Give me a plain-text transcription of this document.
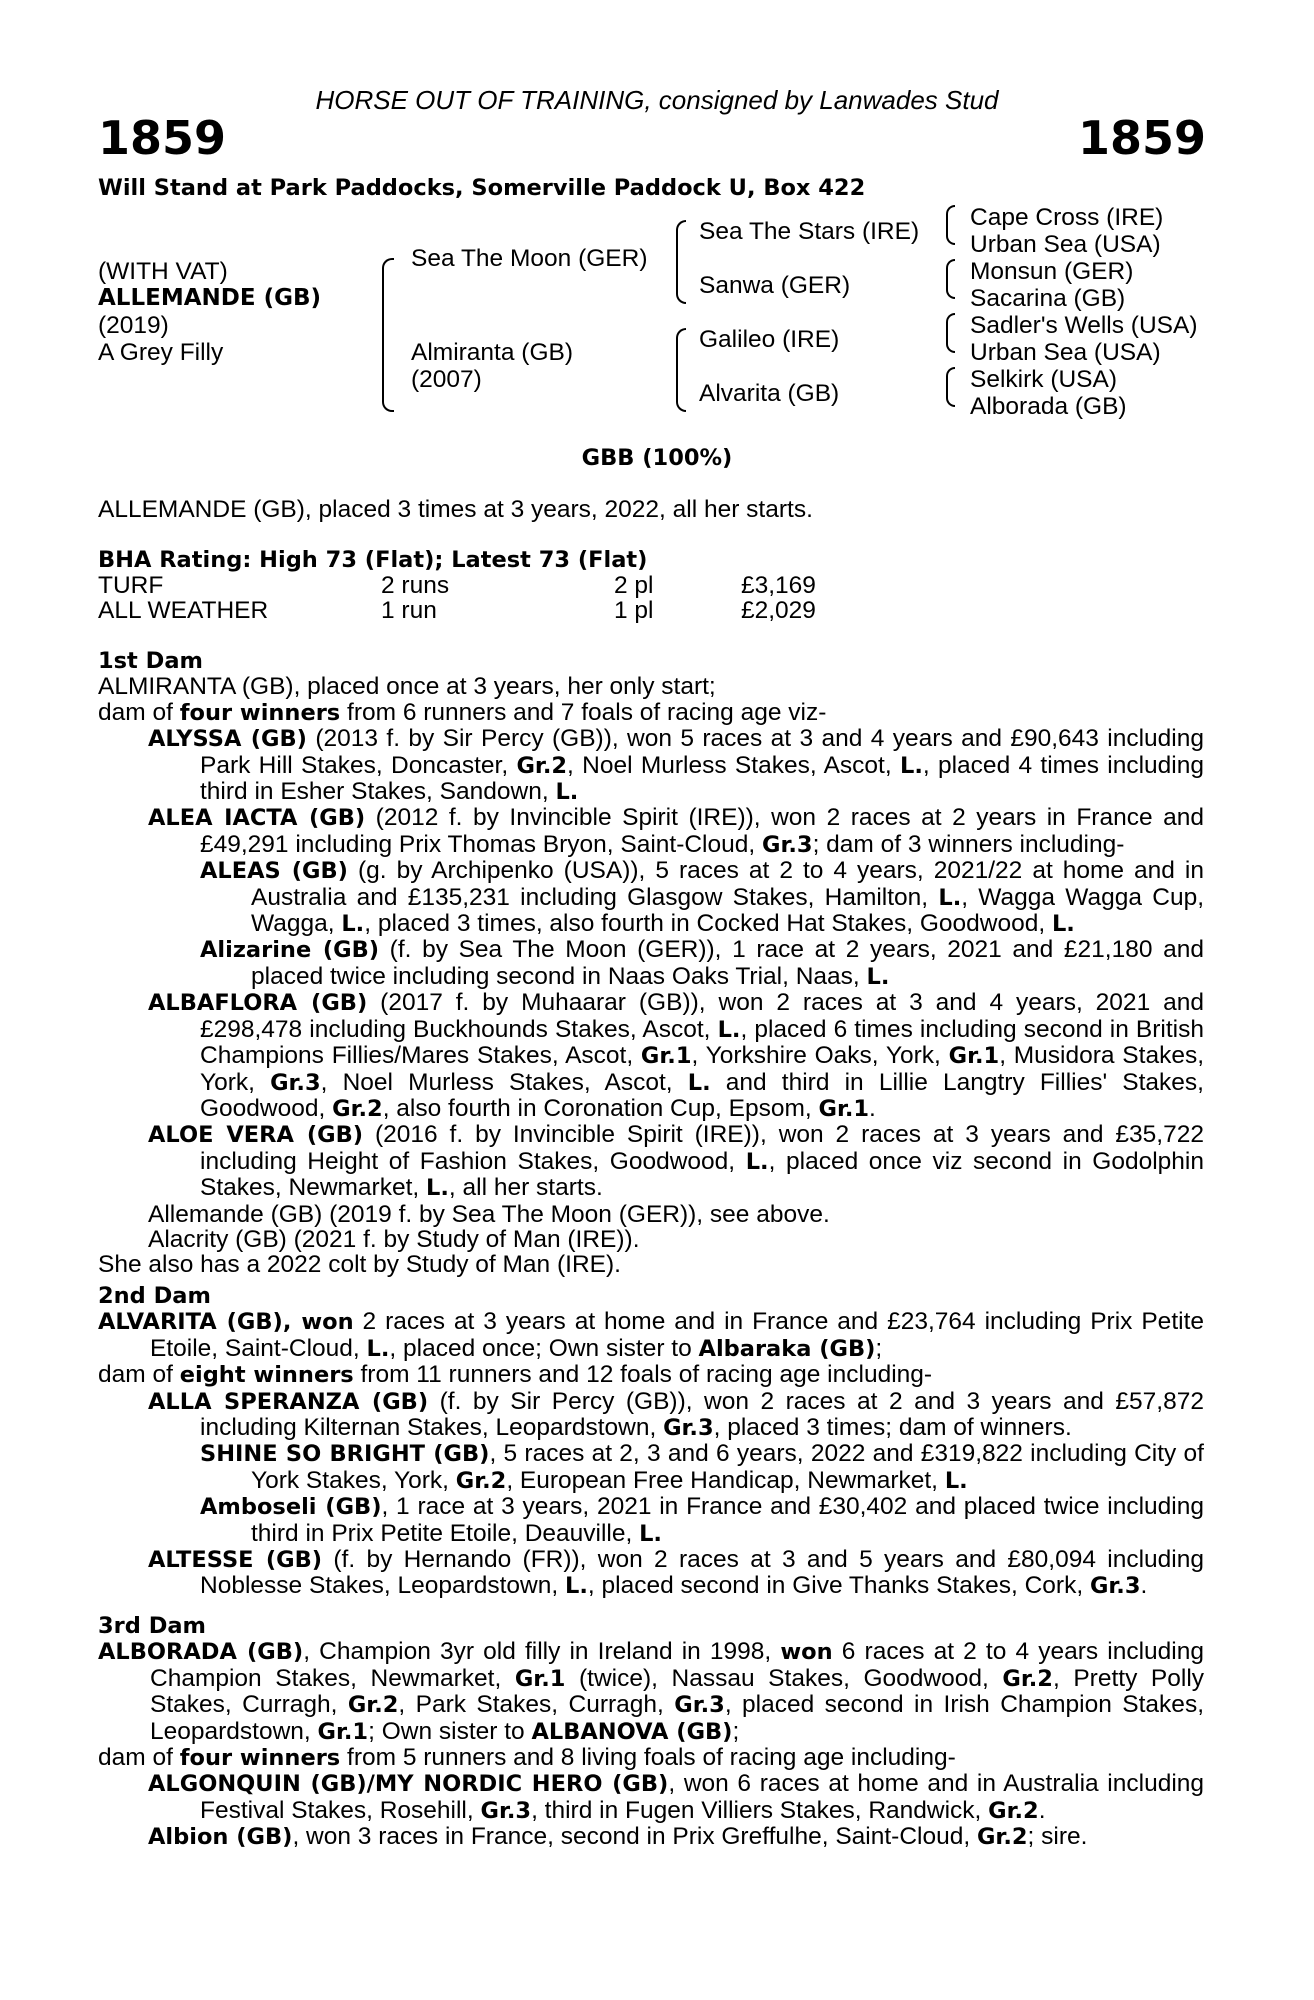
HORSE OUT OF TRAINING, consigned by Lanwades Stud
1859	1859
Will Stand at Park Paddocks, Somerville Paddock U, Box 422
(WITH VAT)
ALLEMANDE (GB)
(2019)
A Grey Filly
Sea The Moon (GER)
Almiranta (GB)
(2007)
Sea The Stars (IRE)
Sanwa (GER)
Galileo (IRE)
Alvarita (GB)
Cape Cross (IRE)
Urban Sea (USA)
Monsun (GER)
Sacarina (GB)
Sadler's Wells (USA)
Urban Sea (USA)
Selkirk (USA)
Alborada (GB)
GBB (100%)
ALLEMANDE (GB), placed 3 times at 3 years, 2022, all her starts.
BHA Rating: High 73 (Flat); Latest 73 (Flat)
TURF	2 runs	2 pl	£3,169
ALL WEATHER	1 run	1 pl	£2,029
1st Dam
ALMIRANTA (GB), placed once at 3 years, her only start;
dam of four winners from 6 runners and 7 foals of racing age viz-
ALYSSA (GB) (2013 f. by Sir Percy (GB)), won 5 races at 3 and 4 years and £90,643 including Park Hill Stakes, Doncaster, Gr.2, Noel Murless Stakes, Ascot, L., placed 4 times including third in Esher Stakes, Sandown, L.
ALEA IACTA (GB) (2012 f. by Invincible Spirit (IRE)), won 2 races at 2 years in France and £49,291 including Prix Thomas Bryon, Saint-Cloud, Gr.3; dam of 3 winners including-
ALEAS (GB) (g. by Archipenko (USA)), 5 races at 2 to 4 years, 2021/22 at home and in Australia and £135,231 including Glasgow Stakes, Hamilton, L., Wagga Wagga Cup, Wagga, L., placed 3 times, also fourth in Cocked Hat Stakes, Goodwood, L.
Alizarine (GB) (f. by Sea The Moon (GER)), 1 race at 2 years, 2021 and £21,180 and placed twice including second in Naas Oaks Trial, Naas, L.
ALBAFLORA (GB) (2017 f. by Muhaarar (GB)), won 2 races at 3 and 4 years, 2021 and £298,478 including Buckhounds Stakes, Ascot, L., placed 6 times including second in British Champions Fillies/Mares Stakes, Ascot, Gr.1, Yorkshire Oaks, York, Gr.1, Musidora Stakes, York, Gr.3, Noel Murless Stakes, Ascot, L. and third in Lillie Langtry Fillies' Stakes, Goodwood, Gr.2, also fourth in Coronation Cup, Epsom, Gr.1.
ALOE VERA (GB) (2016 f. by Invincible Spirit (IRE)), won 2 races at 3 years and £35,722 including Height of Fashion Stakes, Goodwood, L., placed once viz second in Godolphin Stakes, Newmarket, L., all her starts.
Allemande (GB) (2019 f. by Sea The Moon (GER)), see above.
Alacrity (GB) (2021 f. by Study of Man (IRE)).
She also has a 2022 colt by Study of Man (IRE).
2nd Dam
ALVARITA (GB), won 2 races at 3 years at home and in France and £23,764 including Prix Petite Etoile, Saint-Cloud, L., placed once; Own sister to Albaraka (GB);
dam of eight winners from 11 runners and 12 foals of racing age including-
ALLA SPERANZA (GB) (f. by Sir Percy (GB)), won 2 races at 2 and 3 years and £57,872 including Kilternan Stakes, Leopardstown, Gr.3, placed 3 times; dam of winners.
SHINE SO BRIGHT (GB), 5 races at 2, 3 and 6 years, 2022 and £319,822 including City of York Stakes, York, Gr.2, European Free Handicap, Newmarket, L.
Amboseli (GB), 1 race at 3 years, 2021 in France and £30,402 and placed twice including third in Prix Petite Etoile, Deauville, L.
ALTESSE (GB) (f. by Hernando (FR)), won 2 races at 3 and 5 years and £80,094 including Noblesse Stakes, Leopardstown, L., placed second in Give Thanks Stakes, Cork, Gr.3.
3rd Dam
ALBORADA (GB), Champion 3yr old filly in Ireland in 1998, won 6 races at 2 to 4 years including Champion Stakes, Newmarket, Gr.1 (twice), Nassau Stakes, Goodwood, Gr.2, Pretty Polly Stakes, Curragh, Gr.2, Park Stakes, Curragh, Gr.3, placed second in Irish Champion Stakes, Leopardstown, Gr.1; Own sister to ALBANOVA (GB);
dam of four winners from 5 runners and 8 living foals of racing age including-
ALGONQUIN (GB)/MY NORDIC HERO (GB), won 6 races at home and in Australia including Festival Stakes, Rosehill, Gr.3, third in Fugen Villiers Stakes, Randwick, Gr.2.
Albion (GB), won 3 races in France, second in Prix Greffulhe, Saint-Cloud, Gr.2; sire.
